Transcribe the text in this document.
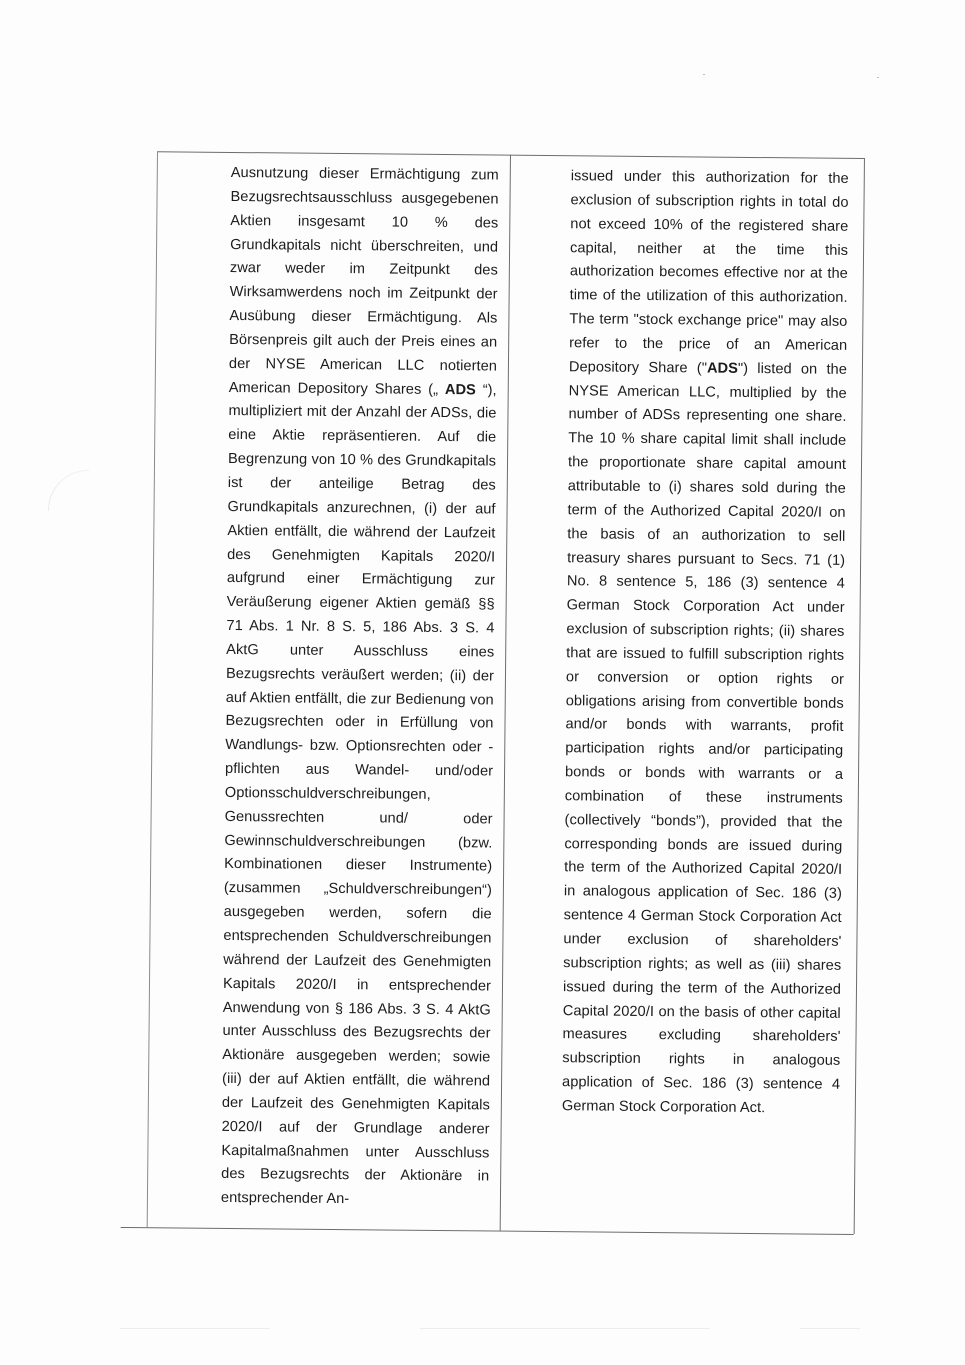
Ausnutzung dieser Ermächtigung zum Bezugsrechtsausschluss ausgegebenen Aktien insgesamt 10 % des Grundkapitals nicht überschreiten, und zwar weder im Zeitpunkt des Wirksamwerdens noch im Zeitpunkt der Ausübung dieser Ermächtigung. Als Börsenpreis gilt auch der Preis eines an der NYSE American LLC notierten American Depository Shares („ ADS “), multipliziert mit der Anzahl der ADSs, die eine Aktie repräsentieren. Auf die Begrenzung von 10 % des Grundkapitals ist der anteilige Betrag des Grundkapitals anzurechnen, (i) der auf Aktien entfällt, die während der Laufzeit des Genehmigten Kapitals 2020/I aufgrund einer Ermächtigung zur Veräußerung eigener Aktien gemäß §§ 71 Abs. 1 Nr. 8 S. 5, 186 Abs. 3 S. 4 AktG unter Ausschluss eines Bezugsrechts veräußert werden; (ii) der auf Aktien entfällt, die zur Bedienung von Bezugsrechten oder in Erfüllung von Wandlungs- bzw. Optionsrechten oder -pflichten aus Wandel- und/oder Optionsschuldverschreibungen, Genussrechten und/ oder Gewinnschuldverschreibungen (bzw. Kombinationen dieser Instrumente) (zusammen „Schuldverschreibungen“) ausgegeben werden, sofern die entsprechenden Schuldverschreibungen während der Laufzeit des Genehmigten Kapitals 2020/I in entsprechender Anwendung von § 186 Abs. 3 S. 4 AktG unter Ausschluss des Bezugsrechts der Aktionäre ausgegeben werden; sowie (iii) der auf Aktien entfällt, die während der Laufzeit des Genehmigten Kapitals 2020/I auf der Grundlage anderer Kapitalmaßnahmen unter Ausschluss des Bezugsrechts der Aktionäre in entsprechender An-

issued under this authorization for the exclusion of subscription rights in total do not exceed 10% of the registered share capital, neither at the time this authorization becomes effective nor at the time of the utilization of this authorization. The term "stock exchange price" may also refer to the price of an American Depository Share ("ADS") listed on the NYSE American LLC, multiplied by the number of ADSs representing one share. The 10 % share capital limit shall include the proportionate share capital amount attributable to (i) shares sold during the term of the Authorized Capital 2020/I on the basis of an authorization to sell treasury shares pursuant to Secs. 71 (1) No. 8 sentence 5, 186 (3) sentence 4 German Stock Corporation Act under exclusion of subscription rights; (ii) shares that are issued to fulfill subscription rights or conversion or option rights or obligations arising from convertible bonds and/or bonds with warrants, profit participation rights and/or participating bonds or bonds with warrants or a combination of these instruments (collectively “bonds”), provided that the corresponding bonds are issued during the term of the Authorized Capital 2020/I in analogous application of Sec. 186 (3) sentence 4 German Stock Corporation Act under exclusion of shareholders' subscription rights; as well as (iii) shares issued during the term of the Authorized Capital 2020/I on the basis of other capital measures excluding shareholders' subscription rights in analogous application of Sec. 186 (3) sentence 4 German Stock Corporation Act.
